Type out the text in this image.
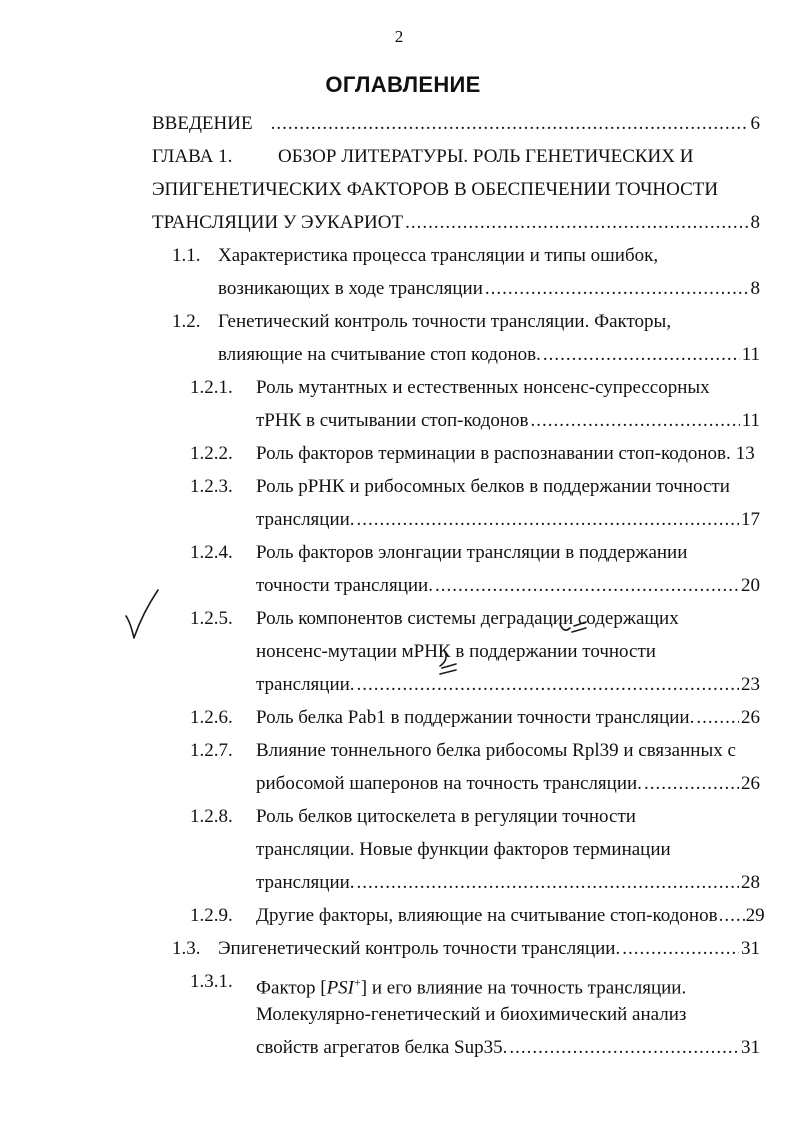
2
ОГЛАВЛЕНИЕ
ВВЕДЕНИЕ .....	6
ГЛАВА 1. ОБЗОР ЛИТЕРАТУРЫ. РОЛЬ ГЕНЕТИЧЕСКИХ И
ЭПИГЕНЕТИЧЕСКИХ ФАКТОРОВ В ОБЕСПЕЧЕНИИ ТОЧНОСТИ
ТРАНСЛЯЦИИ У ЭУКАРИОТ .....	8
1.1. Характеристика процесса трансляции и типы ошибок,
возникающих в ходе трансляции .....	8
1.2. Генетический контроль точности трансляции. Факторы,
влияющие на считывание стоп кодонов. .....	11
1.2.1. Роль мутантных и естественных нонсенс-супрессорных
тРНК в считывании стоп-кодонов .....	11
1.2.2. Роль факторов терминации в распознавании стоп-кодонов. 13
1.2.3. Роль рРНК и рибосомных белков в поддержании точности
трансляции. .....	17
1.2.4. Роль факторов элонгации трансляции в поддержании
точности трансляции. .....	20
1.2.5. Роль компонентов системы деградации содержащих
нонсенс-мутации мРНК в поддержании точности
трансляции. .....	23
1.2.6. Роль белка Pab1 в поддержании точности трансляции. ..... 26
1.2.7. Влияние тоннельного белка рибосомы Rpl39 и связанных с
рибосомой шаперонов на точность трансляции. .....	26
1.2.8. Роль белков цитоскелета в регуляции точности
трансляции. Новые функции факторов терминации
трансляции. .....	28
1.2.9. Другие факторы, влияющие на считывание стоп-кодонов ..... 29
1.3. Эпигенетический контроль точности трансляции. .....	31
1.3.1. Фактор [PSI+] и его влияние на точность трансляции.
Молекулярно-генетический и биохимический анализ
свойств агрегатов белка Sup35. .....	31
